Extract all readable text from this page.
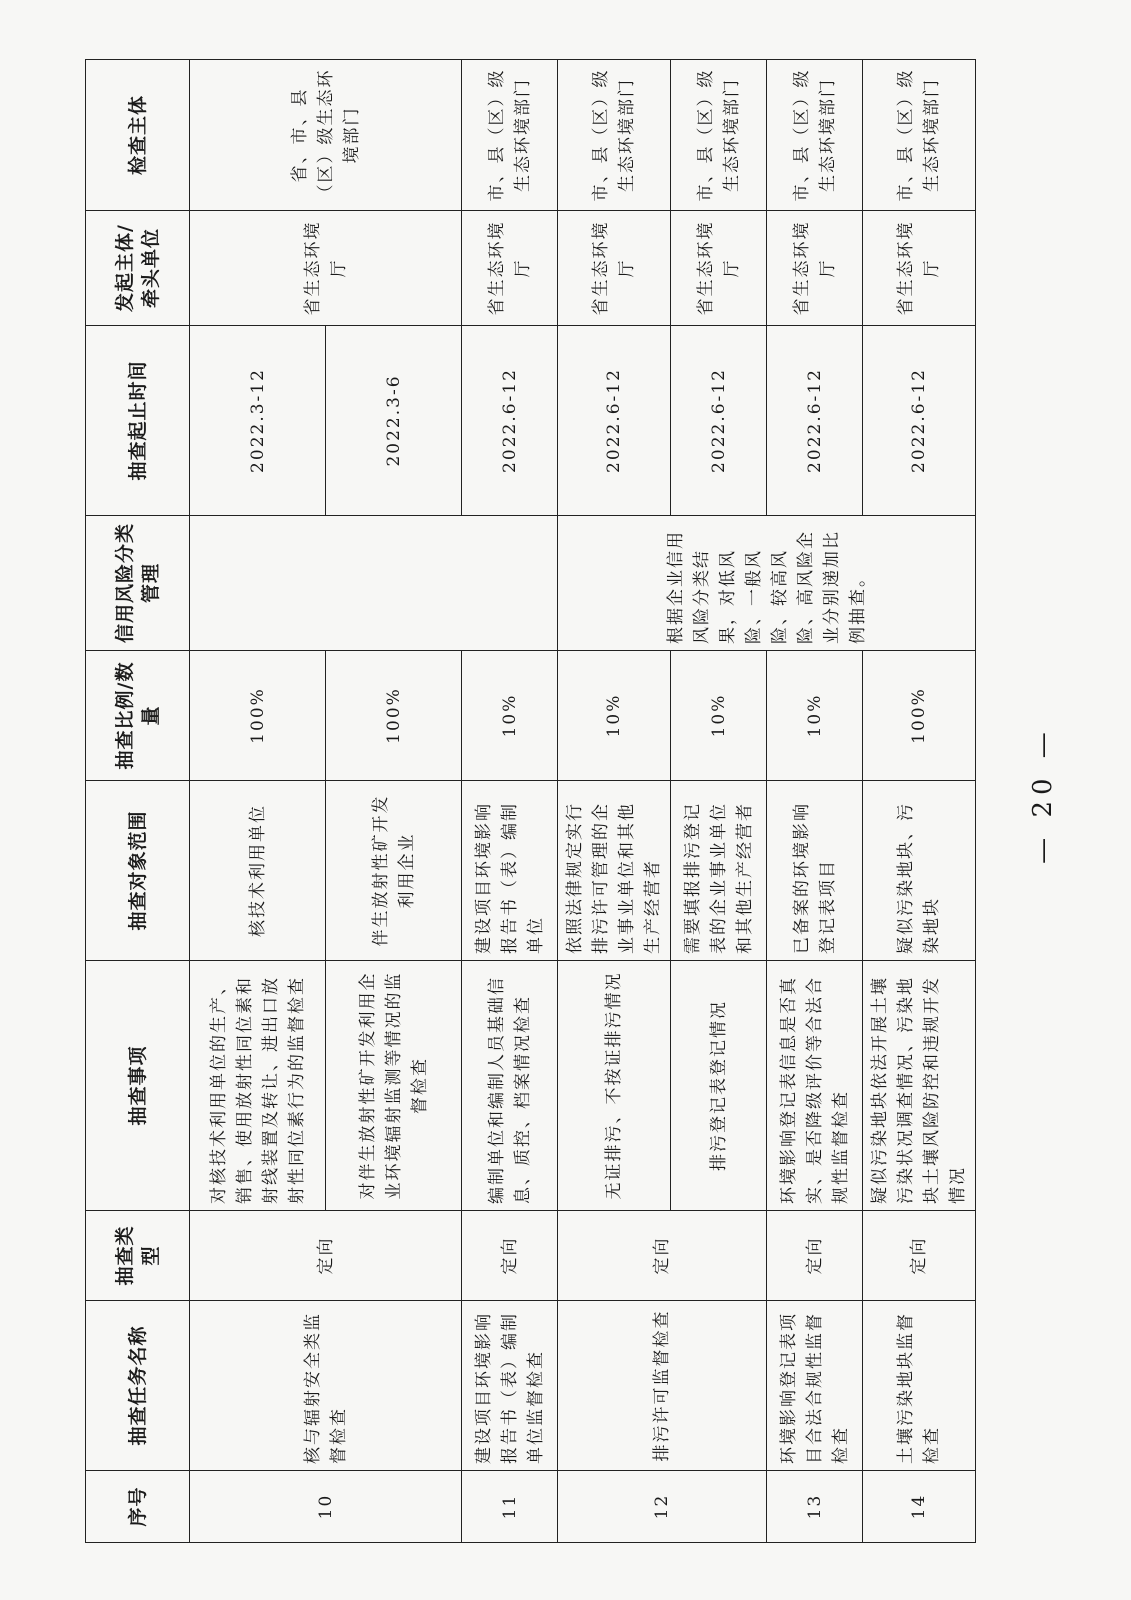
序号	抽查任务名称	抽查类型	抽查事项	抽查对象范围	抽查比例/数量	信用风险分类管理	抽查起止时间	发起主体/牵头单位	检查主体
10	核与辐射安全类监督检查	定向	对核技术利用单位的生产、销售、使用放射性同位素和射线装置及转让、进出口放射性同位素行为的监督检查	核技术利用单位	100%		2022.3-12	省生态环境厅	省、市、县（区）级生态环境部门
			对伴生放射性矿开发利用企业环境辐射监测等情况的监督检查	伴生放射性矿开发利用企业	100%		2022.3-6		
11	建设项目环境影响报告书（表）编制单位监督检查	定向	编制单位和编制人员基础信息、质控、档案情况检查	建设项目环境影响报告书（表）编制单位	10%		2022.6-12	省生态环境厅	市、县（区）级生态环境部门
12	排污许可监督检查	定向	无证排污、不按证排污情况	依照法律规定实行排污许可管理的企业事业单位和其他生产经营者	10%	根据企业信用风险分类结果，对低风险、一般风险、较高风险、高风险企业分别递加比例抽查。	2022.6-12	省生态环境厅	市、县（区）级生态环境部门
			排污登记表登记情况	需要填报排污登记表的企业事业单位和其他生产经营者	10%		2022.6-12	省生态环境厅	市、县（区）级生态环境部门
13	环境影响登记表项目合法合规性监督检查	定向	环境影响登记表信息是否真实、是否降级评价等合法合规性监督检查	已备案的环境影响登记表项目	10%		2022.6-12	省生态环境厅	市、县（区）级生态环境部门
14	土壤污染地块监督检查	定向	疑似污染地块依法开展土壤污染状况调查情况、污染地块土壤风险防控和违规开发情况	疑似污染地块、污染地块	100%		2022.6-12	省生态环境厅	市、县（区）级生态环境部门
— 20 —
